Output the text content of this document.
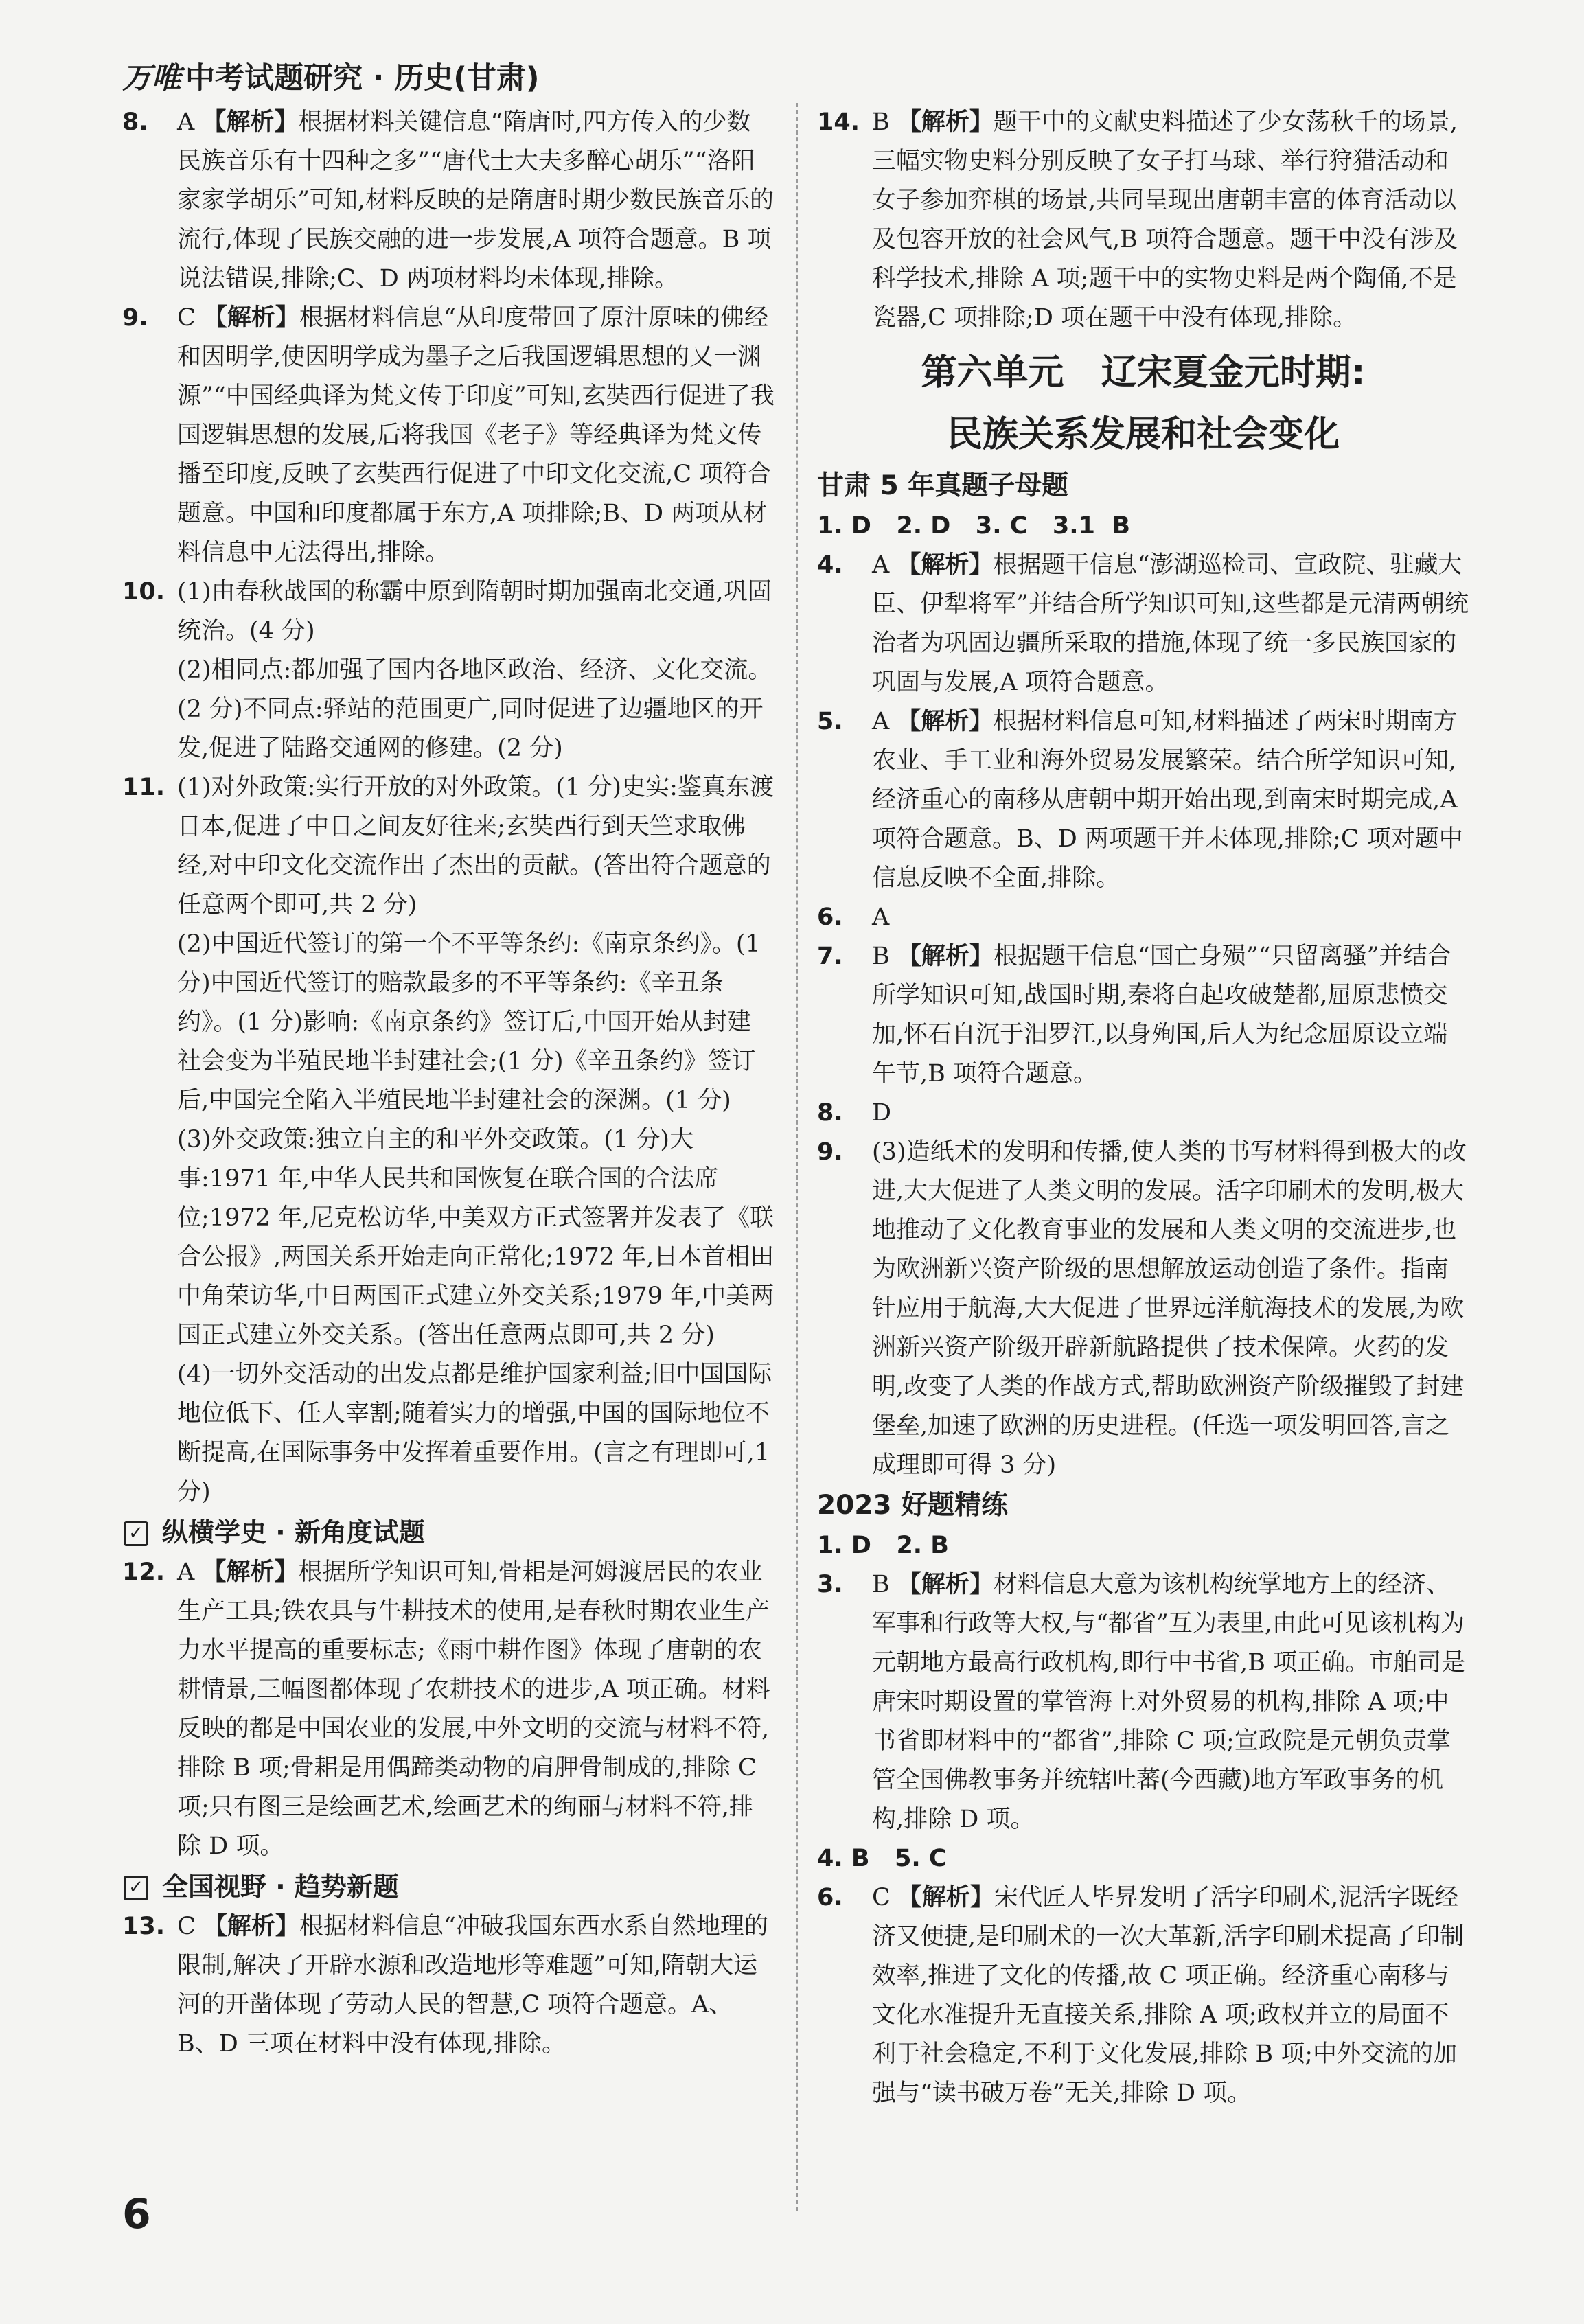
万唯 中考试题研究 · 历史(甘肃)
8. A 【解析】根据材料关键信息“隋唐时,四方传入的少数民族音乐有十四种之多”“唐代士大夫多醉心胡乐”“洛阳家家学胡乐”可知,材料反映的是隋唐时期少数民族音乐的流行,体现了民族交融的进一步发展,A 项符合题意。B 项说法错误,排除;C、D 两项材料均未体现,排除。
9. C 【解析】根据材料信息“从印度带回了原汁原味的佛经和因明学,使因明学成为墨子之后我国逻辑思想的又一渊源”“中国经典译为梵文传于印度”可知,玄奘西行促进了我国逻辑思想的发展,后将我国《老子》等经典译为梵文传播至印度,反映了玄奘西行促进了中印文化交流,C 项符合题意。中国和印度都属于东方,A 项排除;B、D 两项从材料信息中无法得出,排除。
10. (1)由春秋战国的称霸中原到隋朝时期加强南北交通,巩固统治。(4 分)

(2)相同点:都加强了国内各地区政治、经济、文化交流。(2 分)不同点:驿站的范围更广,同时促进了边疆地区的开发,促进了陆路交通网的修建。(2 分)

11. (1)对外政策:实行开放的对外政策。(1 分)史实:鉴真东渡日本,促进了中日之间友好往来;玄奘西行到天竺求取佛经,对中印文化交流作出了杰出的贡献。(答出符合题意的任意两个即可,共 2 分)

(2)中国近代签订的第一个不平等条约:《南京条约》。(1 分)中国近代签订的赔款最多的不平等条约:《辛丑条约》。(1 分)影响:《南京条约》签订后,中国开始从封建社会变为半殖民地半封建社会;(1 分)《辛丑条约》签订后,中国完全陷入半殖民地半封建社会的深渊。(1 分)

(3)外交政策:独立自主的和平外交政策。(1 分)大事:1971 年,中华人民共和国恢复在联合国的合法席位;1972 年,尼克松访华,中美双方正式签署并发表了《联合公报》,两国关系开始走向正常化;1972 年,日本首相田中角荣访华,中日两国正式建立外交关系;1979 年,中美两国正式建立外交关系。(答出任意两点即可,共 2 分)

(4)一切外交活动的出发点都是维护国家利益;旧中国国际地位低下、任人宰割;随着实力的增强,中国的国际地位不断提高,在国际事务中发挥着重要作用。(言之有理即可,1 分)

✓ 纵横学史 · 新角度试题
12. A 【解析】根据所学知识可知,骨耜是河姆渡居民的农业生产工具;铁农具与牛耕技术的使用,是春秋时期农业生产力水平提高的重要标志;《雨中耕作图》体现了唐朝的农耕情景,三幅图都体现了农耕技术的进步,A 项正确。材料反映的都是中国农业的发展,中外文明的交流与材料不符,排除 B 项;骨耜是用偶蹄类动物的肩胛骨制成的,排除 C 项;只有图三是绘画艺术,绘画艺术的绚丽与材料不符,排除 D 项。
✓ 全国视野 · 趋势新题
13. C 【解析】根据材料信息“冲破我国东西水系自然地理的限制,解决了开辟水源和改造地形等难题”可知,隋朝大运河的开凿体现了劳动人民的智慧,C 项符合题意。A、B、D 三项在材料中没有体现,排除。
14. B 【解析】题干中的文献史料描述了少女荡秋千的场景,三幅实物史料分别反映了女子打马球、举行狩猎活动和女子参加弈棋的场景,共同呈现出唐朝丰富的体育活动以及包容开放的社会风气,B 项符合题意。题干中没有涉及科学技术,排除 A 项;题干中的实物史料是两个陶俑,不是瓷器,C 项排除;D 项在题干中没有体现,排除。
第六单元   辽宋夏金元时期:
民族关系发展和社会变化
甘肃 5 年真题子母题
1. D   2. D   3. C   3.1  B
4. A 【解析】根据题干信息“澎湖巡检司、宣政院、驻藏大臣、伊犁将军”并结合所学知识可知,这些都是元清两朝统治者为巩固边疆所采取的措施,体现了统一多民族国家的巩固与发展,A 项符合题意。
5. A 【解析】根据材料信息可知,材料描述了两宋时期南方农业、手工业和海外贸易发展繁荣。结合所学知识可知,经济重心的南移从唐朝中期开始出现,到南宋时期完成,A 项符合题意。B、D 两项题干并未体现,排除;C 项对题中信息反映不全面,排除。
6. A
7. B 【解析】根据题干信息“国亡身殒”“只留离骚”并结合所学知识可知,战国时期,秦将白起攻破楚都,屈原悲愤交加,怀石自沉于汨罗江,以身殉国,后人为纪念屈原设立端午节,B 项符合题意。
8. D
9. (3)造纸术的发明和传播,使人类的书写材料得到极大的改进,大大促进了人类文明的发展。活字印刷术的发明,极大地推动了文化教育事业的发展和人类文明的交流进步,也为欧洲新兴资产阶级的思想解放运动创造了条件。指南针应用于航海,大大促进了世界远洋航海技术的发展,为欧洲新兴资产阶级开辟新航路提供了技术保障。火药的发明,改变了人类的作战方式,帮助欧洲资产阶级摧毁了封建堡垒,加速了欧洲的历史进程。(任选一项发明回答,言之成理即可得 3 分)
2023 好题精练
1. D   2. B
3. B 【解析】材料信息大意为该机构统掌地方上的经济、军事和行政等大权,与“都省”互为表里,由此可见该机构为元朝地方最高行政机构,即行中书省,B 项正确。市舶司是唐宋时期设置的掌管海上对外贸易的机构,排除 A 项;中书省即材料中的“都省”,排除 C 项;宣政院是元朝负责掌管全国佛教事务并统辖吐蕃(今西藏)地方军政事务的机构,排除 D 项。
4. B   5. C
6. C 【解析】宋代匠人毕昇发明了活字印刷术,泥活字既经济又便捷,是印刷术的一次大革新,活字印刷术提高了印制效率,推进了文化的传播,故 C 项正确。经济重心南移与文化水准提升无直接关系,排除 A 项;政权并立的局面不利于社会稳定,不利于文化发展,排除 B 项;中外交流的加强与“读书破万卷”无关,排除 D 项。
6
